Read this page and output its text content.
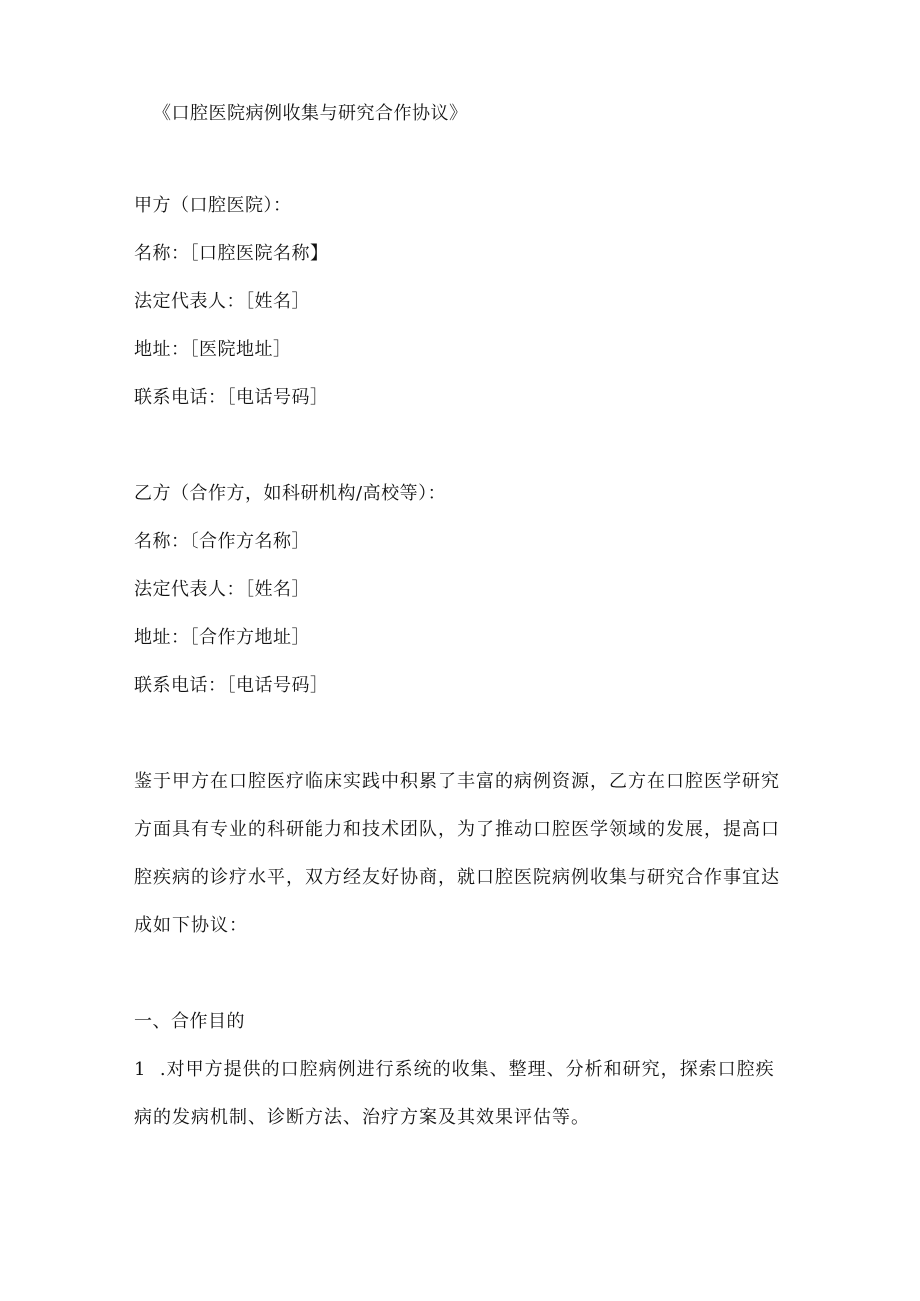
《口腔医院病例收集与研究合作协议》
甲方（口腔医院）：
名称：［口腔医院名称】
法定代表人：［姓名］
地址：［医院地址］
联系电话：［电话号码］
乙方（合作方，如科研机构/高校等）：
名称：〔合作方名称］
法定代表人：［姓名］
地址：［合作方地址］
联系电话：［电话号码］
鉴于甲方在口腔医疗临床实践中积累了丰富的病例资源，乙方在口腔医学研究
方面具有专业的科研能力和技术团队，为了推动口腔医学领域的发展，提高口
腔疾病的诊疗水平，双方经友好协商，就口腔医院病例收集与研究合作事宜达
成如下协议：
一、合作目的
1  .对甲方提供的口腔病例进行系统的收集、整理、分析和研究，探索口腔疾
病的发病机制、诊断方法、治疗方案及其效果评估等。
